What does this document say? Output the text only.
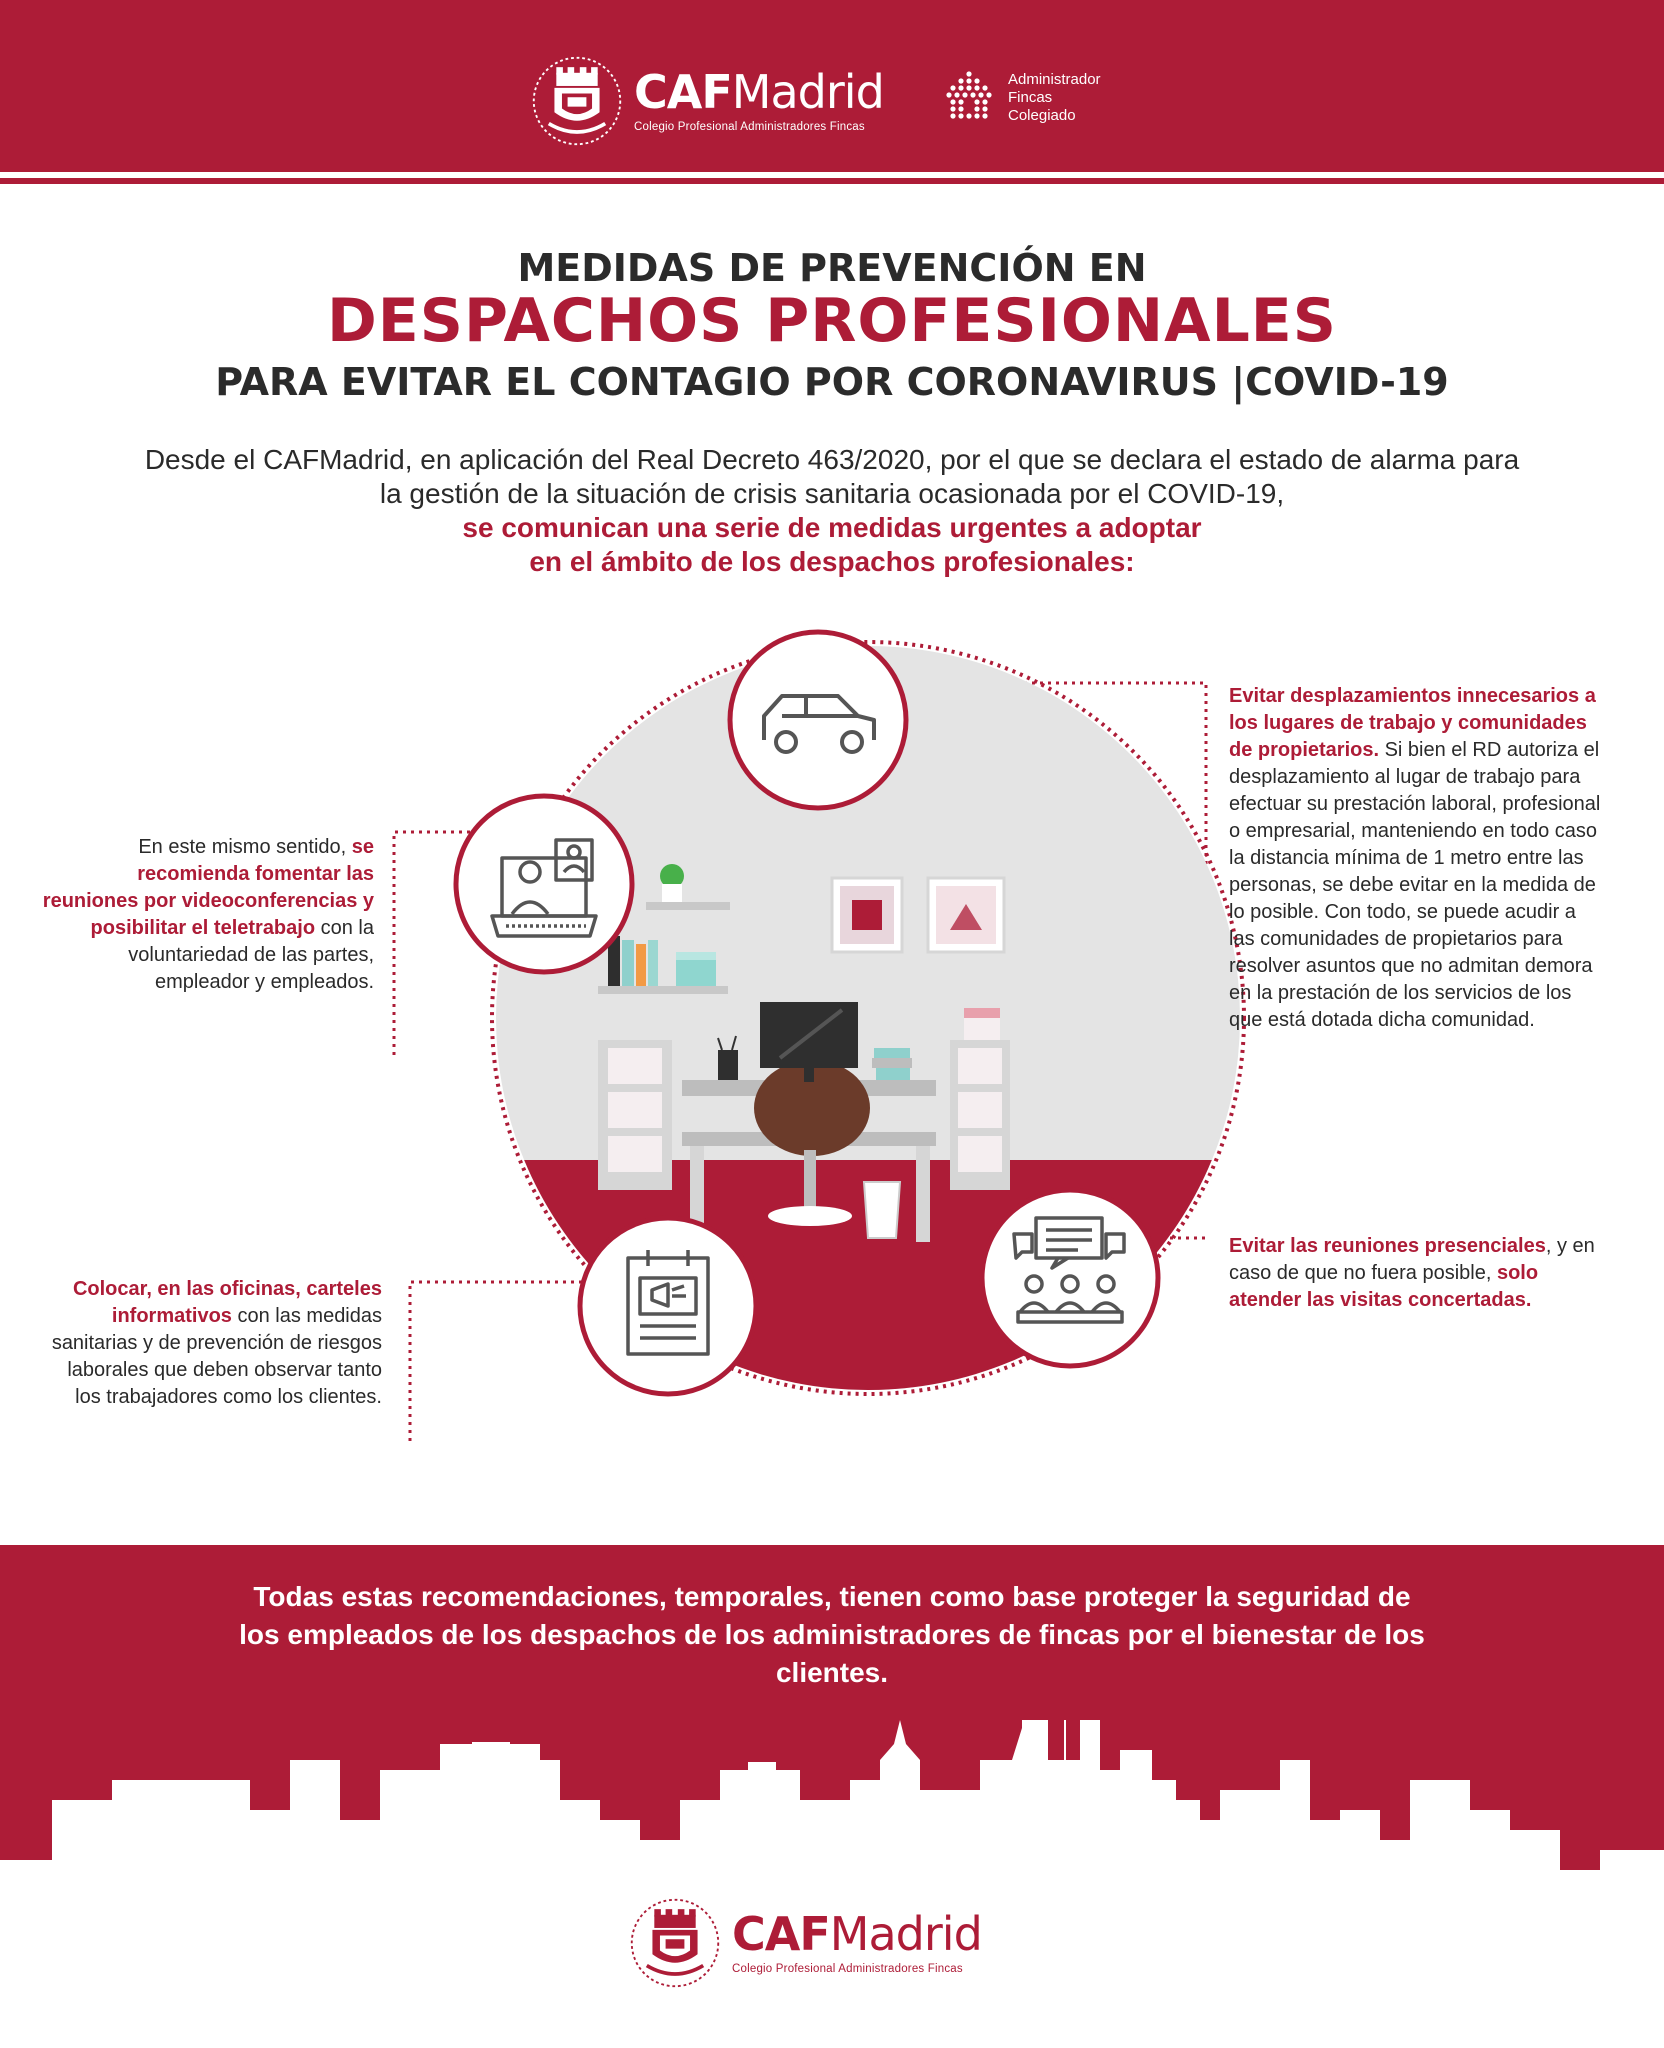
CAFMadrid
Colegio Profesional Administradores Fincas
Administrador
Fincas
Colegiado
MEDIDAS DE PREVENCIÓN EN
DESPACHOS PROFESIONALES
PARA EVITAR EL CONTAGIO POR CORONAVIRUS |COVID-19
Desde el CAFMadrid, en aplicación del Real Decreto 463/2020, por el que se declara el estado de alarma para la gestión de la situación de crisis sanitaria ocasionada por el COVID-19,
se comunican una serie de medidas urgentes a adoptar
en el ámbito de los despachos profesionales:
Evitar desplazamientos innecesarios a los lugares de trabajo y comunidades de propietarios. Si bien el RD autoriza el desplazamiento al lugar de trabajo para efectuar su prestación laboral, profesional o empresarial, manteniendo en todo caso la distancia mínima de 1 metro entre las personas, se debe evitar en la medida de lo posible. Con todo, se puede acudir a las comunidades de propietarios para resolver asuntos que no admitan demora en la prestación de los servicios de los que está dotada dicha comunidad.
En este mismo sentido, se recomienda fomentar las reuniones por videoconferencias y posibilitar el teletrabajo con la voluntariedad de las partes, empleador y empleados.
Evitar las reuniones presenciales, y en caso de que no fuera posible, solo atender las visitas concertadas.
Colocar, en las oficinas, carteles informativos con las medidas sanitarias y de prevención de riesgos laborales que deben observar tanto los trabajadores como los clientes.
Todas estas recomendaciones, temporales, tienen como base proteger la seguridad de los empleados de los despachos de los administradores de fincas por el bienestar de los clientes.
CAFMadrid
Colegio Profesional Administradores Fincas
